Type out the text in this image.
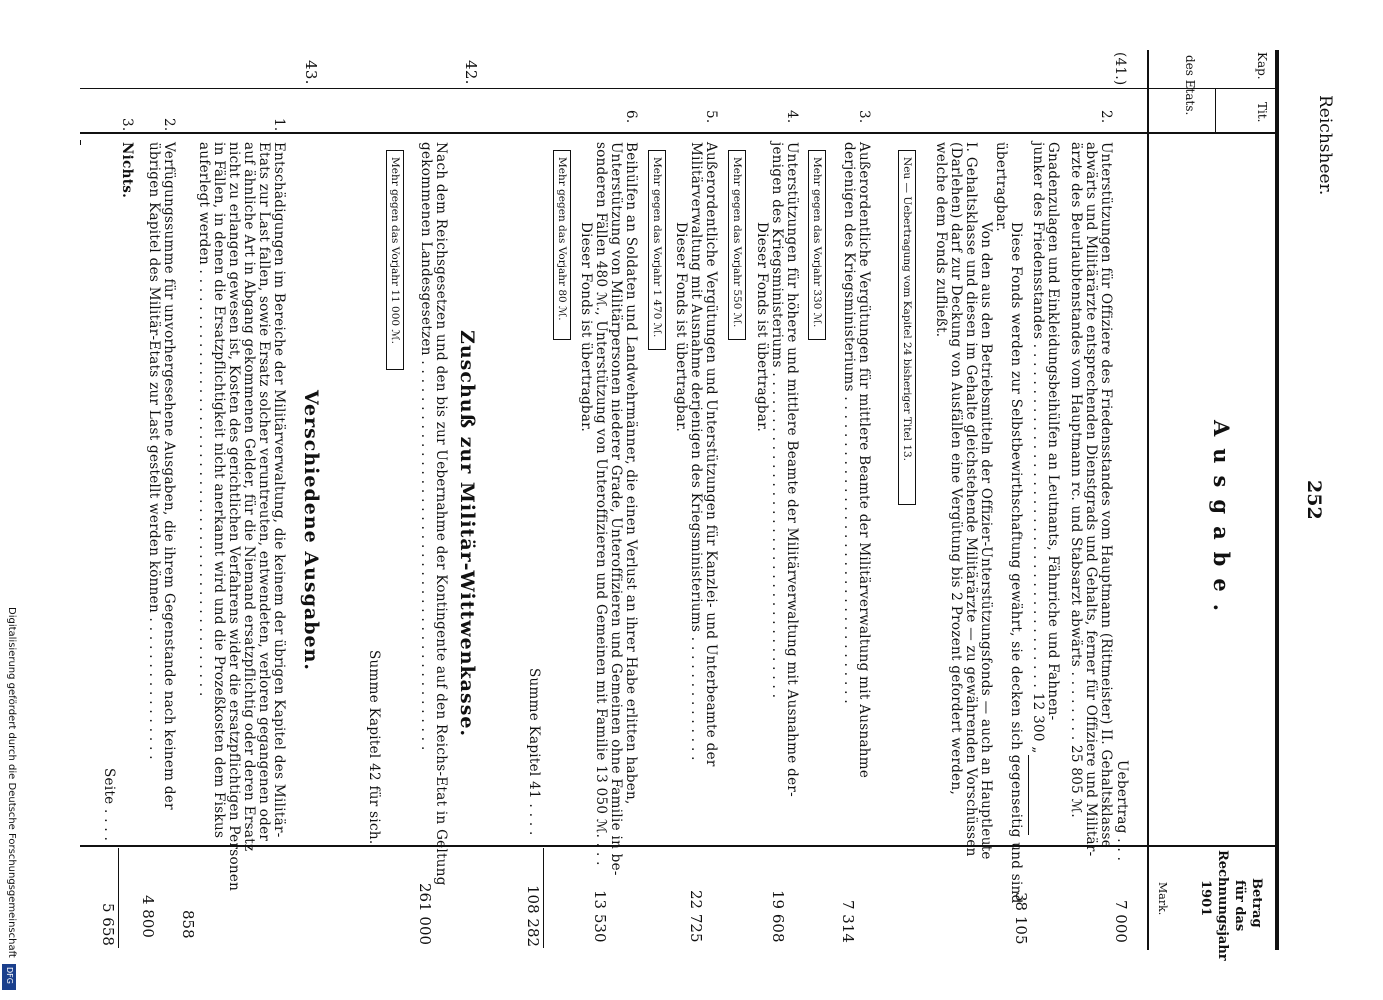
Reichsheer.
252
Kap.
Tit.
des Etats.
Ausgabe.
Betrag
für das
Rechnungsjahr
1901
Mark.
(41.)
2.
Uebertrag . . .
7 000
Unterstützungen für Offiziere des Friedensstandes vom Hauptmann (Rittmeister) II. Gehaltsklasse
abwärts und Militärärzte entsprechenden Dienstgrads und Gehalts, ferner für Offiziere und Militär-
ärzte des Beurlaubtenstandes vom Hauptmann rc. und Stabsarzt abwärts . . . . . . . . 25 805 ℳ.
Gnadenzulagen und Einkleidungsbeihülfen an Leutnants, Fähnriche und Fahnen-
junker des Friedensstandes . . . . . . . . . . . . . . . . . . . . . . . . . . . . . . . . . . . . . . 12 300 „
Diese Fonds werden zur Selbstbewirthschaftung gewährt, sie decken sich gegenseitig und sind
übertragbar.
Von den aus den Betriebsmitteln der Offizier-Unterstützungsfonds — auch an Hauptleute
I. Gehaltsklasse und diesen im Gehalte gleichstehende Militärärzte — zu gewährenden Vorschüssen
(Darlehen) darf zur Deckung von Ausfällen eine Vergütung bis 2 Prozent gefordert werden,
welche dem Fonds zufließt.
38 105
Neu — Uebertragung vom Kapitel 24 bisheriger Titel 13.
3.
Außerordentliche Vergütungen für mittlere Beamte der Militärverwaltung mit Ausnahme
derjenigen des Kriegsministeriums . . . . . . . . . . . . . . . . . . . . . . . . . . . . . . . . . .
7 314
Mehr gegen das Vorjahr 330 ℳ.
4.
Unterstützungen für höhere und mittlere Beamte der Militärverwaltung mit Ausnahme der-
jenigen des Kriegsministeriums . . . . . . . . . . . . . . . . . . . . . . . . . . . . . . . . . . . .
Dieser Fonds ist übertragbar.
19 608
Mehr gegen das Vorjahr 550 ℳ.
5.
Außerordentliche Vergütungen und Unterstützungen für Kanzlei- und Unterbeamte der
Militärverwaltung mit Ausnahme derjenigen des Kriegsministeriums . . . . . . . . . . . . . .
Dieser Fonds ist übertragbar.
22 725
Mehr gegen das Vorjahr 1 470 ℳ.
6.
Beihülfen an Soldaten und Landwehrmänner, die einen Verlust an ihrer Habe erlitten haben,
Unterstützung von Militärpersonen niederer Grade, Unteroffizieren und Gemeinen ohne Familie in be-
sonderen Fällen 480 ℳ., Unterstützung von Unteroffizieren und Gemeinen mit Familie 13 050 ℳ. . . .
Dieser Fonds ist übertragbar.
13 530
Mehr gegen das Vorjahr 80 ℳ.
Summe Kapitel 41 . . . .
108 282
42.
Zuschuß zur Militär-Wittwenkasse.
Nach dem Reichsgesetzen und den bis zur Uebernahme der Kontingente auf den Reichs-Etat in Geltung
gekommenen Landesgesetzen . . . . . . . . . . . . . . . . . . . . . . . . . . . . . . . . . . . . . . . . . . .
261 000
Mehr gegen das Vorjahr 11 000 ℳ.
Summe Kapitel 42 für sich.
43.
Verschiedene Ausgaben.
1.
Entschädigungen im Bereiche der Militärverwaltung, die keinem der übrigen Kapitel des Militär-
Etats zur Last fallen, sowie Ersatz solcher veruntreuten, entwendeten, verloren gegangenen oder
auf ähnliche Art in Abgang gekommenen Gelder, für die Niemand ersatzpflichtig oder deren Ersatz
nicht zu erlangen gewesen ist, Kosten des gerichtlichen Verfahrens wider die ersatzpflichtigen Personen
in Fällen, in denen die Ersatzpflichtigkeit nicht anerkannt wird und die Prozeßkosten dem Fiskus
auferlegt werden . . . . . . . . . . . . . . . . . . . . . . . . . . . . . . . . . . . . . . . . . . . . . . .
858
2.
Verfügungssumme für unvorhergesehene Ausgaben, die ihrem Gegenstande nach keinem der
übrigen Kapitel des Militär-Etats zur Last gestellt werden können . . . . . . . . . . . . . . . .
4 800
3.
Nichts.
Seite . . . .
5 658
Digitalisierung gefördert durch die Deutsche Forschungsgemeinschaft
DFG
